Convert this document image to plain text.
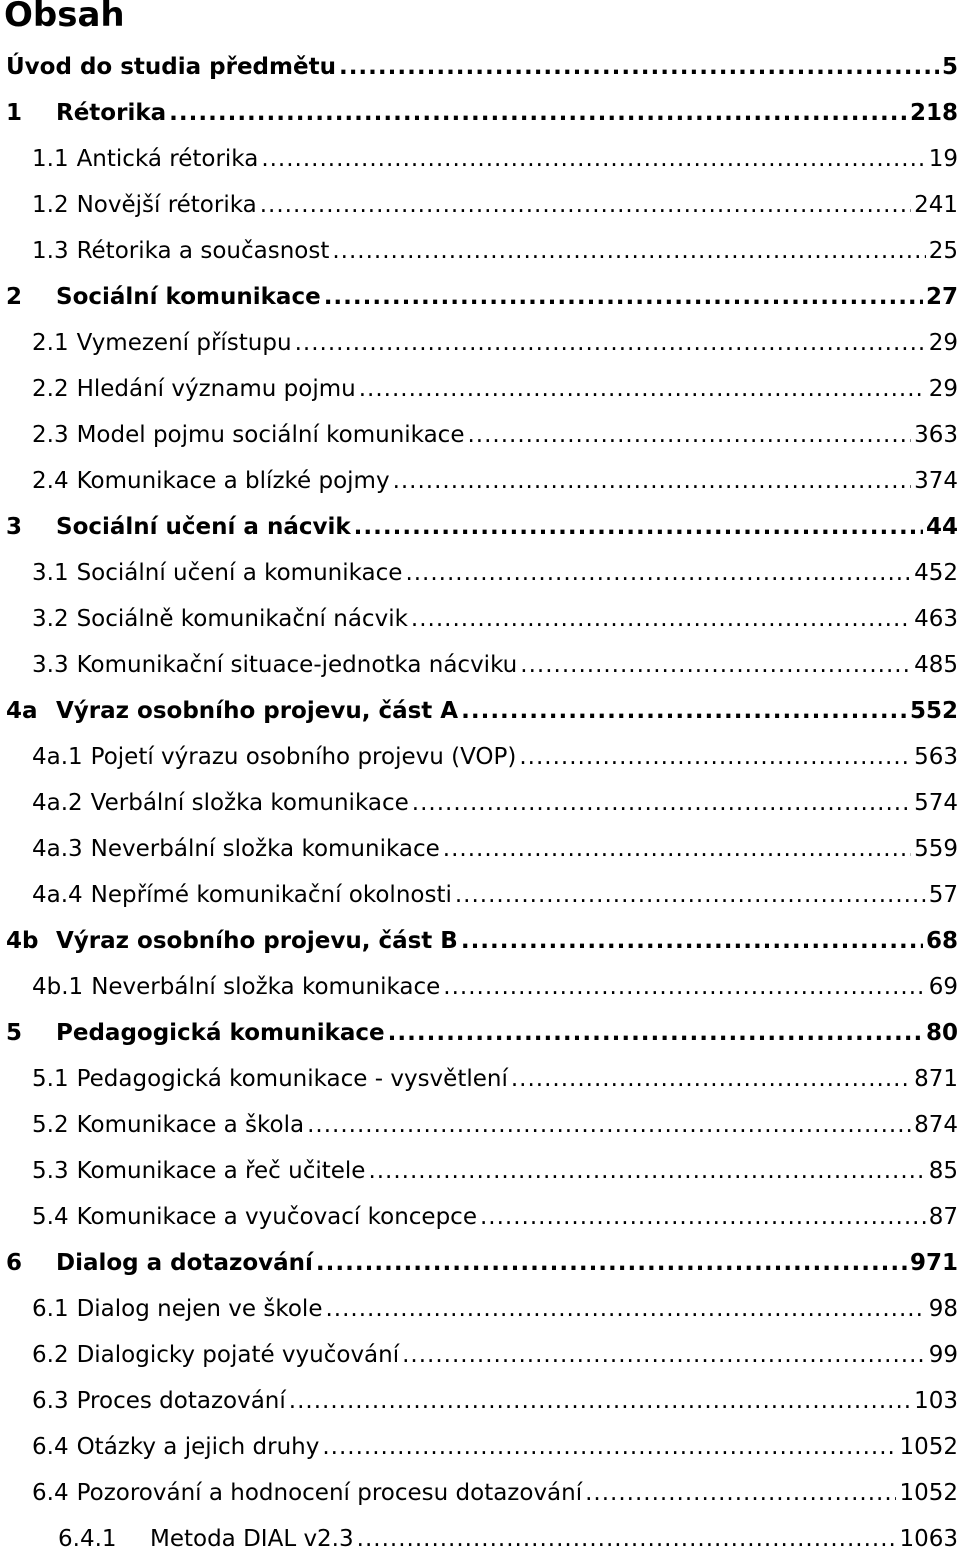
Obsah
Úvod do studia předmětu .....	5
1	Rétorika .....	218
1.1 Antická rétorika .....	19
1.2 Novější rétorika .....	241
1.3 Rétorika a současnost .....	25
2	Sociální komunikace .....	27
2.1 Vymezení přístupu .....	29
2.2 Hledání významu pojmu .....	29
2.3 Model pojmu sociální komunikace .....	363
2.4 Komunikace a blízké pojmy .....	374
3	Sociální učení a nácvik .....	44
3.1 Sociální učení a komunikace .....	452
3.2 Sociálně komunikační nácvik .....	463
3.3 Komunikační situace-jednotka nácviku .....	485
4a Výraz osobního projevu, část A .....	552
4a.1 Pojetí výrazu osobního projevu (VOP) .....	563
4a.2 Verbální složka komunikace .....	574
4a.3 Neverbální složka komunikace .....	559
4a.4 Nepřímé komunikační okolnosti .....	57
4b Výraz osobního projevu, část B .....	68
4b.1 Neverbální složka komunikace .....	69
5	Pedagogická komunikace .....	80
5.1 Pedagogická komunikace - vysvětlení .....	871
5.2 Komunikace a škola .....	874
5.3 Komunikace a řeč učitele .....	85
5.4 Komunikace a vyučovací koncepce .....	87
6	Dialog a dotazování .....	971
6.1 Dialog nejen ve škole .....	98
6.2 Dialogicky pojaté vyučování .....	99
6.3 Proces dotazování .....	103
6.4 Otázky a jejich druhy .....	1052
6.4 Pozorování a hodnocení procesu dotazování .....	1052
6.4.1	Metoda DIAL v2.3 .....	1063
